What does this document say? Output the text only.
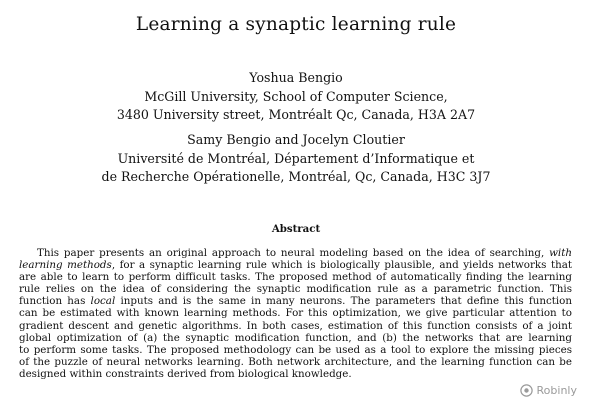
Learning a synaptic learning rule
Yoshua Bengio
McGill University, School of Computer Science,
3480 University street, Montréalt Qc, Canada, H3A 2A7
Samy Bengio and Jocelyn Cloutier
Université de Montréal, Département d’Informatique et
de Recherche Opérationelle, Montréal, Qc, Canada, H3C 3J7
Abstract
This paper presents an original approach to neural modeling based on the idea of searching, with
learning methods, for a synaptic learning rule which is biologically plausible, and yields networks that
are able to learn to perform difficult tasks. The proposed method of automatically finding the learning
rule relies on the idea of considering the synaptic modification rule as a parametric function. This
function has local inputs and is the same in many neurons. The parameters that define this function
can be estimated with known learning methods. For this optimization, we give particular attention to
gradient descent and genetic algorithms. In both cases, estimation of this function consists of a joint
global optimization of (a) the synaptic modification function, and (b) the networks that are learning
to perform some tasks. The proposed methodology can be used as a tool to explore the missing pieces
of the puzzle of neural networks learning. Both network architecture, and the learning function can be
designed within constraints derived from biological knowledge.
Robinly
